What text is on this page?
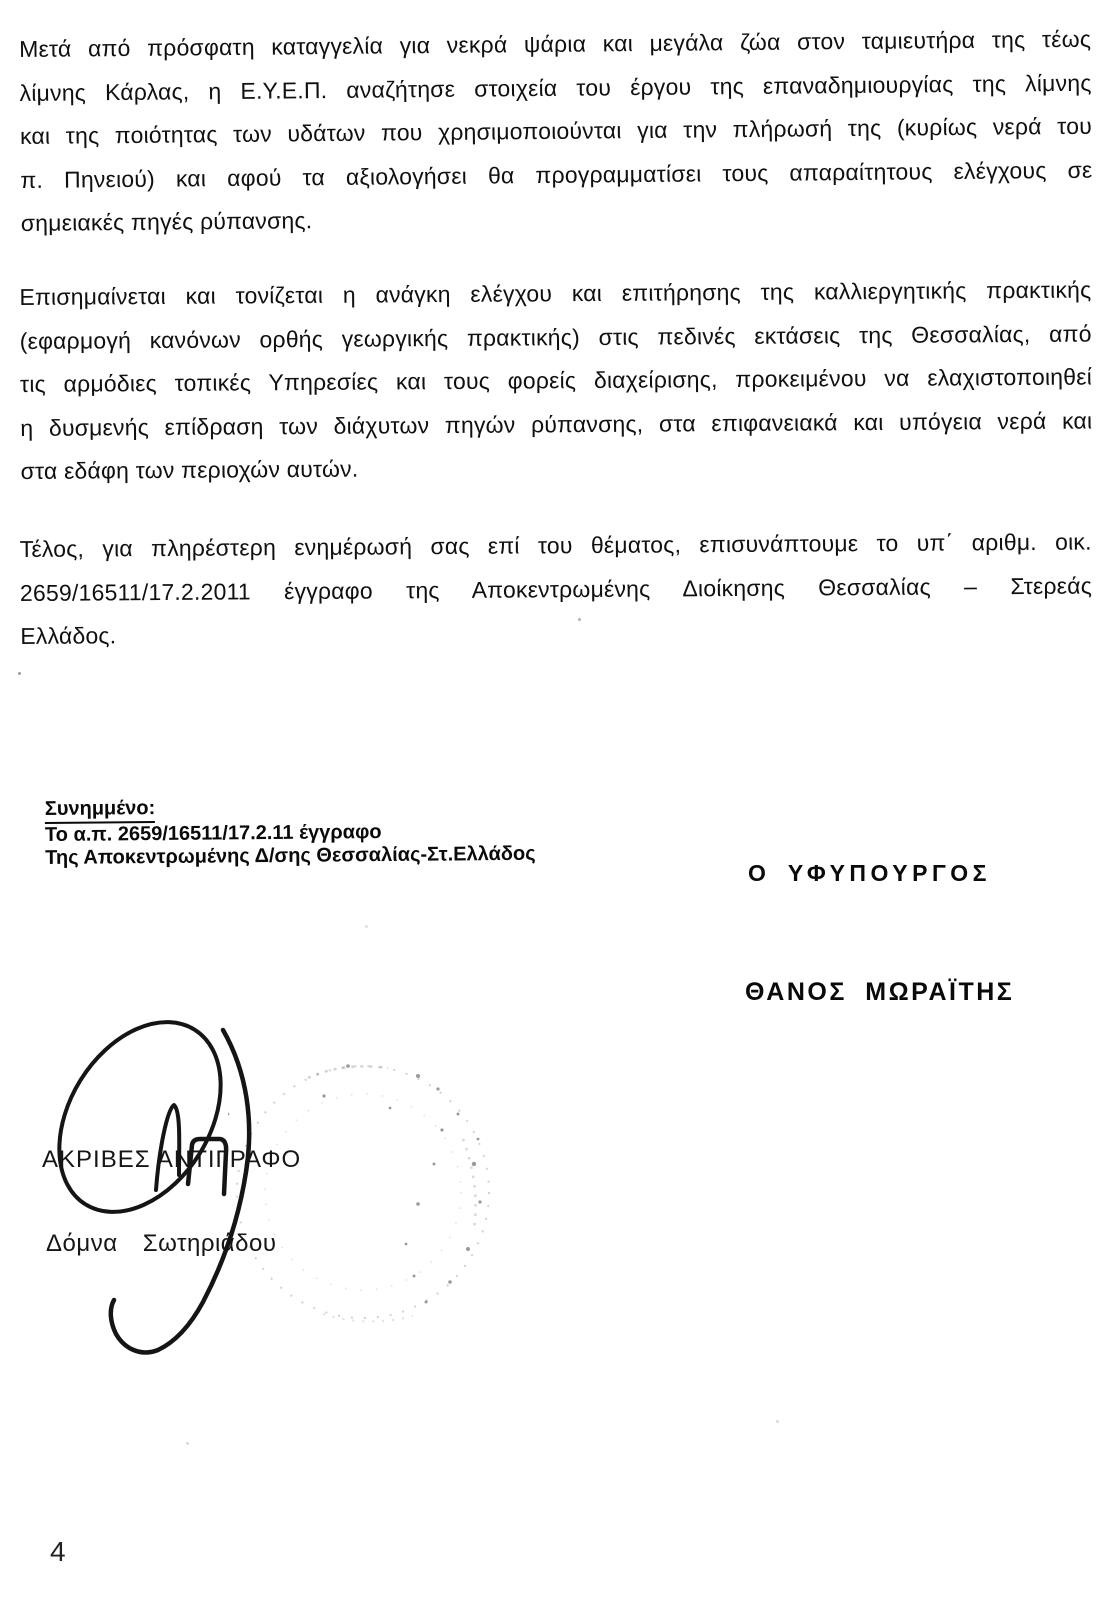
Μετά από πρόσφατη καταγγελία για νεκρά ψάρια και μεγάλα ζώα στον ταμιευτήρα της τέως
λίμνης Κάρλας, η Ε.Υ.Ε.Π. αναζήτησε στοιχεία του έργου της επαναδημιουργίας της λίμνης
και της ποιότητας των υδάτων που χρησιμοποιούνται για την πλήρωσή της (κυρίως νερά του
π. Πηνειού) και αφού τα αξιολογήσει θα προγραμματίσει τους απαραίτητους ελέγχους σε
σημειακές πηγές ρύπανσης.
Επισημαίνεται και τονίζεται η ανάγκη ελέγχου και επιτήρησης της καλλιεργητικής πρακτικής
(εφαρμογή κανόνων ορθής γεωργικής πρακτικής) στις πεδινές εκτάσεις της Θεσσαλίας, από
τις αρμόδιες τοπικές Υπηρεσίες και τους φορείς διαχείρισης, προκειμένου να ελαχιστοποιηθεί
η δυσμενής επίδραση των διάχυτων πηγών ρύπανσης, στα επιφανειακά και υπόγεια νερά και
στα εδάφη των περιοχών αυτών.
Τέλος, για πληρέστερη ενημέρωσή σας επί του θέματος, επισυνάπτουμε το υπ΄ αριθμ. οικ.
2659/16511/17.2.2011 έγγραφο της Αποκεντρωμένης Διοίκησης Θεσσαλίας – Στερεάς
Ελλάδος.
Συνημμένο:
Το α.π. 2659/16511/17.2.11 έγγραφο
Της Αποκεντρωμένης Δ/σης Θεσσαλίας-Στ.Ελλάδος
Ο ΥΦΥΠΟΥΡΓΟΣ
ΘΑΝΟΣ ΜΩΡΑΪΤΗΣ
ΑΚΡΙΒΕΣ ΑΝΤΙΓΡΑΦΟ
Δόμνα Σωτηριάδου
4
